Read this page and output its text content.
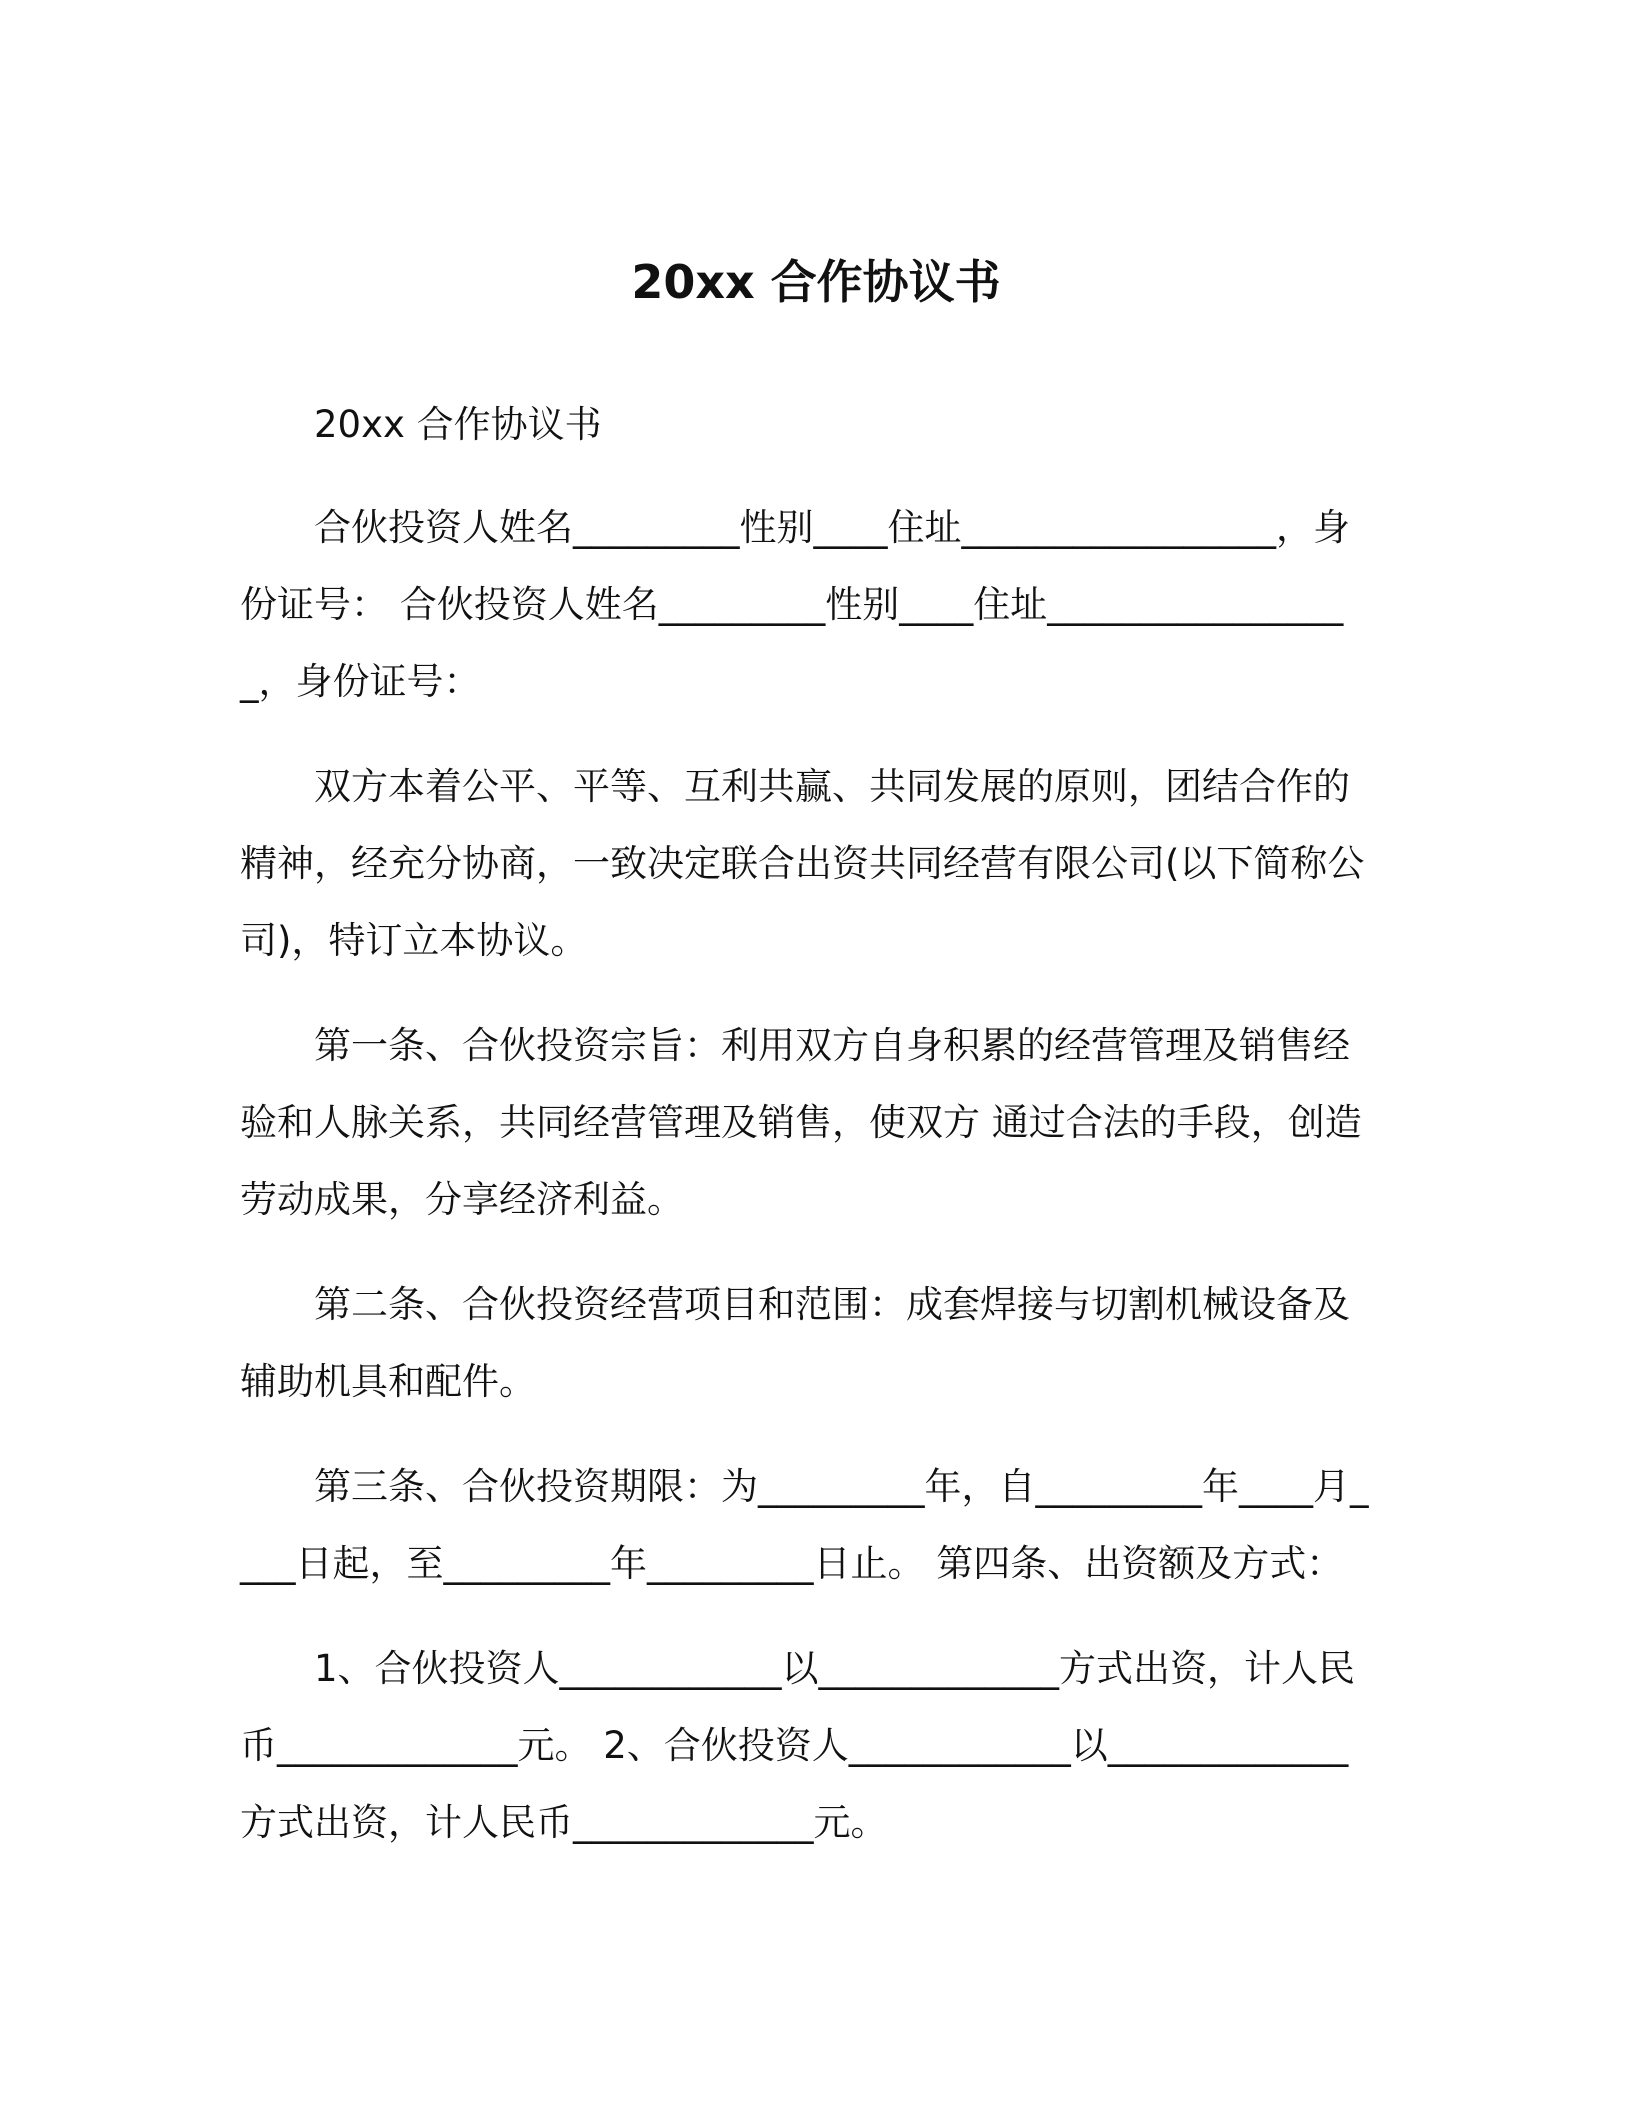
20xx 合作协议书

20xx 合作协议书

合伙投资人姓名_________性别____住址_________________，身份证号： 合伙投资人姓名_________性别____住址_________________，身份证号：

双方本着公平、平等、互利共赢、共同发展的原则，团结合作的精神，经充分协商，一致决定联合出资共同经营有限公司(以下简称公司)，特订立本协议。

第一条、合伙投资宗旨：利用双方自身积累的经营管理及销售经验和人脉关系，共同经营管理及销售，使双方 通过合法的手段，创造劳动成果，分享经济利益。

第二条、合伙投资经营项目和范围：成套焊接与切割机械设备及辅助机具和配件。

第三条、合伙投资期限：为_________年，自_________年____月____日起，至_________年_________日止。 第四条、出资额及方式：

1、合伙投资人____________以_____________方式出资，计人民币_____________元。 2、合伙投资人____________以_____________方式出资，计人民币_____________元。
